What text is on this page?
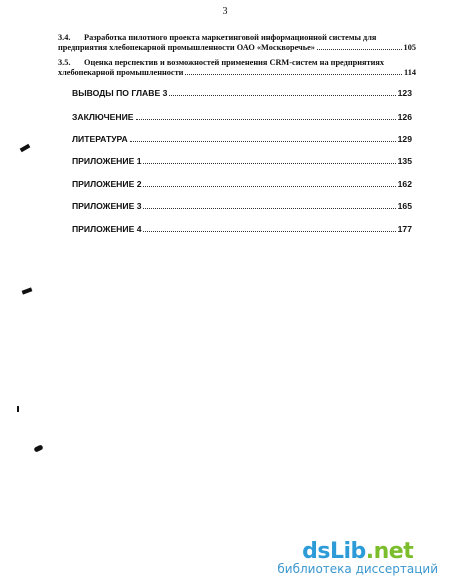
3
3.4.	Разработка пилотного проекта маркетинговой информационной системы для
предприятия хлебопекарной промышленности ОАО «Москворечье»	105
3.5.	Оценка перспектив и возможностей применения CRM-систем на предприятиях
хлебопекарной промышленности	114
ВЫВОДЫ ПО ГЛАВЕ 3	123
ЗАКЛЮЧЕНИЕ	126
ЛИТЕРАТУРА	129
ПРИЛОЖЕНИЕ 1	135
ПРИЛОЖЕНИЕ 2	162
ПРИЛОЖЕНИЕ 3	165
ПРИЛОЖЕНИЕ 4	177
dsLib.net
библиотека диссертаций
